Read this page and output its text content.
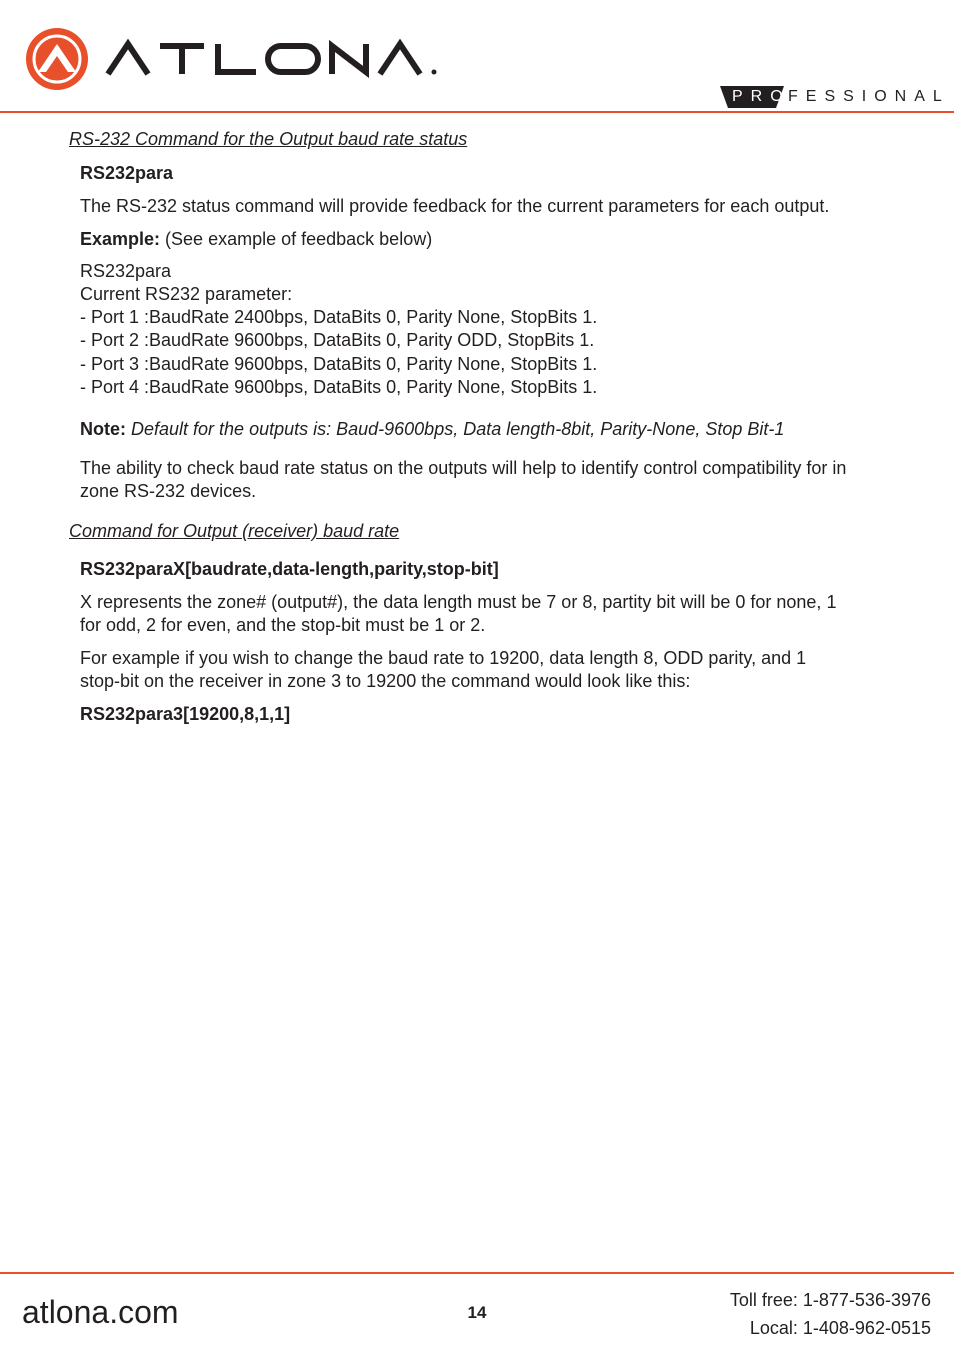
PRO
FESSIONAL
RS-232 Command for the Output baud rate status
RS232para
The RS-232 status command will provide feedback for the current parameters for each output.
Example: (See example of feedback below)
RS232para
Current RS232 parameter:
- Port 1 :BaudRate 2400bps, DataBits 0, Parity None, StopBits 1.
- Port 2 :BaudRate 9600bps, DataBits 0, Parity ODD, StopBits 1.
- Port 3 :BaudRate 9600bps, DataBits 0, Parity None, StopBits 1.
- Port 4 :BaudRate 9600bps, DataBits 0, Parity None, StopBits 1.
Note: Default for the outputs is: Baud-9600bps, Data length-8bit, Parity-None, Stop Bit-1
The ability to check baud rate status on the outputs will help to identify control compatibility for in
zone RS-232 devices.
Command for Output (receiver) baud rate
RS232paraX[baudrate,data-length,parity,stop-bit]
X represents the zone# (output#), the data length must be 7 or 8, partity bit will be 0 for none, 1
for odd, 2 for even, and the stop-bit must be 1 or 2.
For example if you wish to change the baud rate to 19200, data length 8, ODD parity, and 1
stop-bit on the receiver in zone 3 to 19200 the command would look like this:
RS232para3[19200,8,1,1]
atlona.com	14
Toll free: 1-877-536-3976
Local: 1-408-962-0515
